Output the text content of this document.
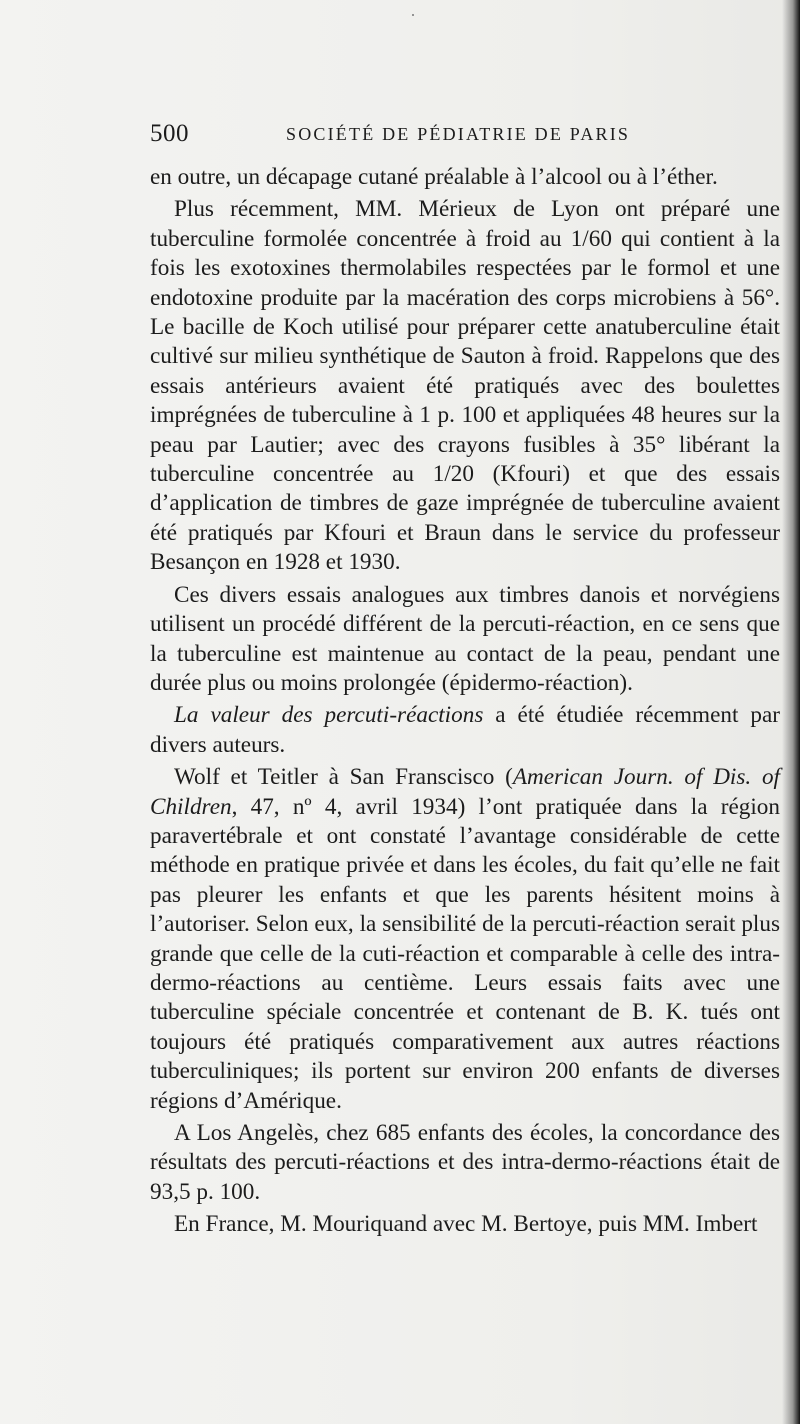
500	SOCIÉTÉ DE PÉDIATRIE DE PARIS

en outre, un décapage cutané préalable à l’alcool ou à l’éther.

Plus récemment, MM. Mérieux de Lyon ont préparé une tuberculine formolée concentrée à froid au 1/60 qui contient à la fois les exotoxines thermolabiles respectées par le formol et une endotoxine produite par la macération des corps microbiens à 56°. Le bacille de Koch utilisé pour préparer cette anatuberculine était cultivé sur milieu synthétique de Sauton à froid. Rappelons que des essais antérieurs avaient été pratiqués avec des boulettes imprégnées de tuberculine à 1 p. 100 et appliquées 48 heures sur la peau par Lautier; avec des crayons fusibles à 35° libérant la tuberculine concentrée au 1/20 (Kfouri) et que des essais d’application de timbres de gaze imprégnée de tuberculine avaient été pratiqués par Kfouri et Braun dans le service du professeur Besançon en 1928 et 1930.

Ces divers essais analogues aux timbres danois et norvégiens utilisent un procédé différent de la percuti-réaction, en ce sens que la tuberculine est maintenue au contact de la peau, pendant une durée plus ou moins prolongée (épidermo-réaction).

La valeur des percuti-réactions a été étudiée récemment par divers auteurs.

Wolf et Teitler à San Franscisco (American Journ. of Dis. of Children, 47, nº 4, avril 1934) l’ont pratiquée dans la région paravertébrale et ont constaté l’avantage considérable de cette méthode en pratique privée et dans les écoles, du fait qu’elle ne fait pas pleurer les enfants et que les parents hésitent moins à l’autoriser. Selon eux, la sensibilité de la percuti-réaction serait plus grande que celle de la cuti-réaction et comparable à celle des intra-dermo-réactions au centième. Leurs essais faits avec une tuberculine spéciale concentrée et contenant de B. K. tués ont toujours été pratiqués comparativement aux autres réactions tuberculiniques; ils portent sur environ 200 enfants de diverses régions d’Amérique.

A Los Angelès, chez 685 enfants des écoles, la concordance des résultats des percuti-réactions et des intra-dermo-réactions était de 93,5 p. 100.

En France, M. Mouriquand avec M. Bertoye, puis MM. Imbert
